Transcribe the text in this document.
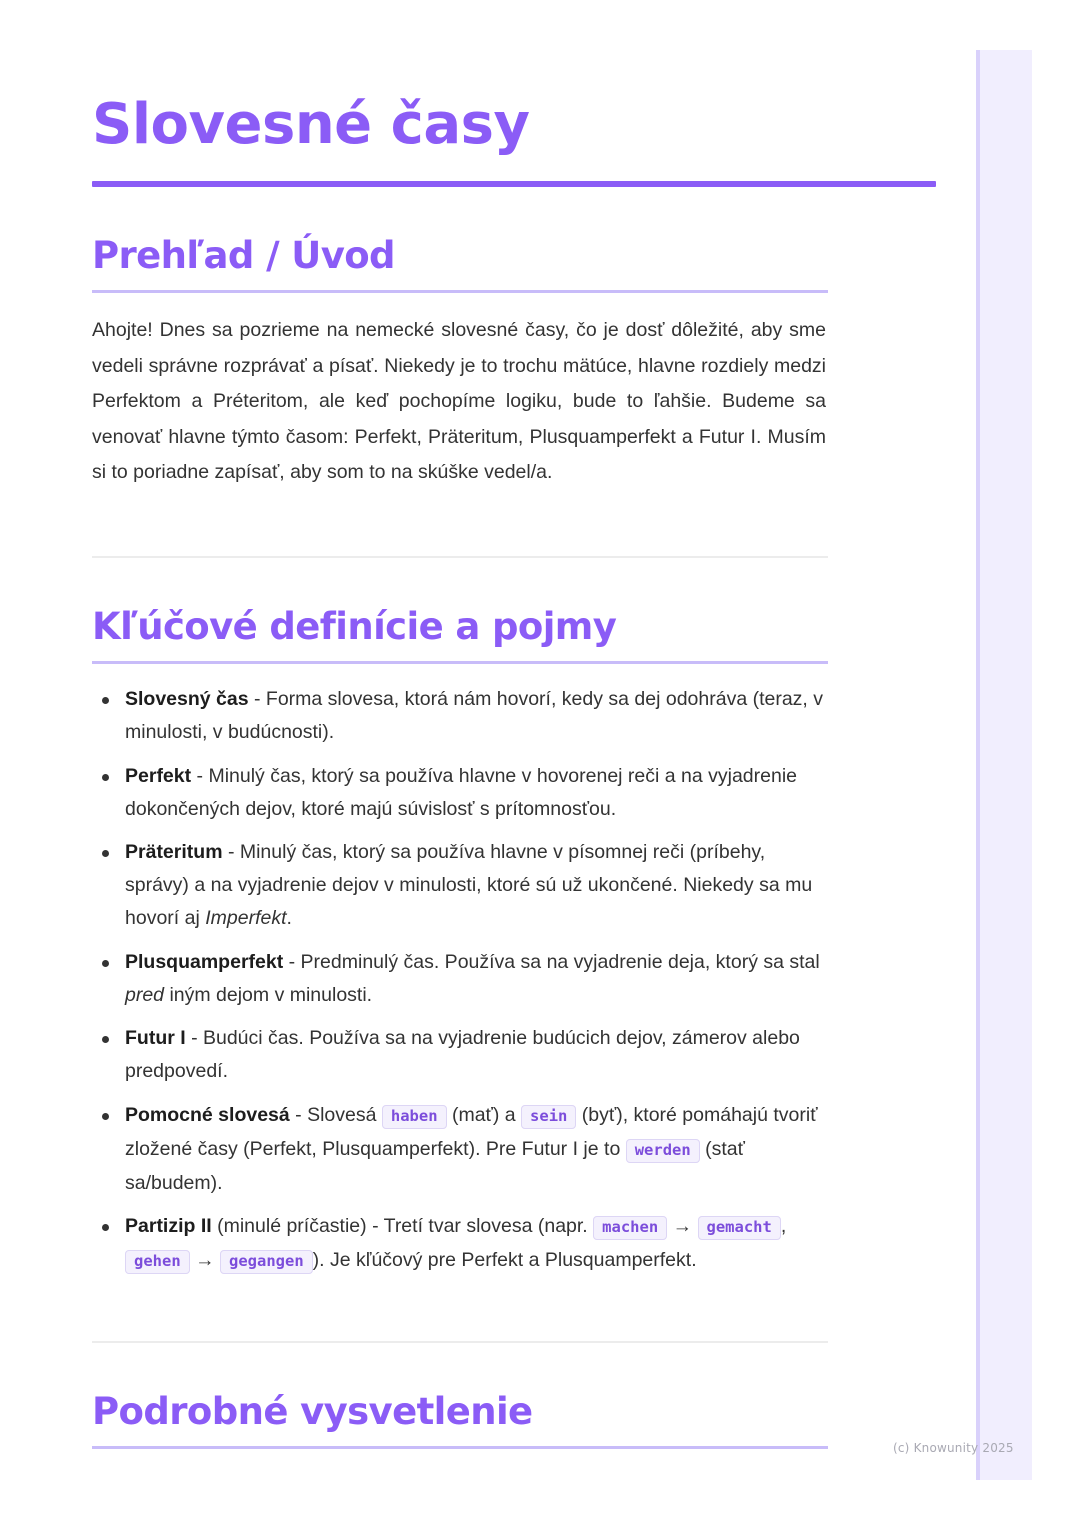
(c) Knowunity 2025
Slovesné časy
Prehľad / Úvod

Ahojte! Dnes sa pozrieme na nemecké slovesné časy, čo je dosť dôležité, aby sme vedeli správne rozprávať a písať. Niekedy je to trochu mätúce, hlavne rozdiely medzi Perfektom a Préteritom, ale keď pochopíme logiku, bude to ľahšie. Budeme sa venovať hlavne týmto časom: Perfekt, Präteritum, Plusquamperfekt a Futur I. Musím si to poriadne zapísať, aby som to na skúške vedel/a.

Kľúčové definície a pojmy
Slovesný čas - Forma slovesa, ktorá nám hovorí, kedy sa dej odohráva (teraz, v minulosti, v budúcnosti).
Perfekt - Minulý čas, ktorý sa používa hlavne v hovorenej reči a na vyjadrenie dokončených dejov, ktoré majú súvislosť s prítomnosťou.
Präteritum - Minulý čas, ktorý sa používa hlavne v písomnej reči (príbehy, správy) a na vyjadrenie dejov v minulosti, ktoré sú už ukončené. Niekedy sa mu hovorí aj Imperfekt.
Plusquamperfekt - Predminulý čas. Používa sa na vyjadrenie deja, ktorý sa stal pred iným dejom v minulosti.
Futur I - Budúci čas. Používa sa na vyjadrenie budúcich dejov, zámerov alebo predpovedí.
Pomocné slovesá - Slovesá haben (mať) a sein (byť), ktoré pomáhajú tvoriť zložené časy (Perfekt, Plusquamperfekt). Pre Futur I je to werden (stať sa/budem).
Partizip II (minulé príčastie) - Tretí tvar slovesa (napr. machen → gemacht , gehen → gegangen ). Je kľúčový pre Perfekt a Plusquamperfekt.
Podrobné vysvetlenie
